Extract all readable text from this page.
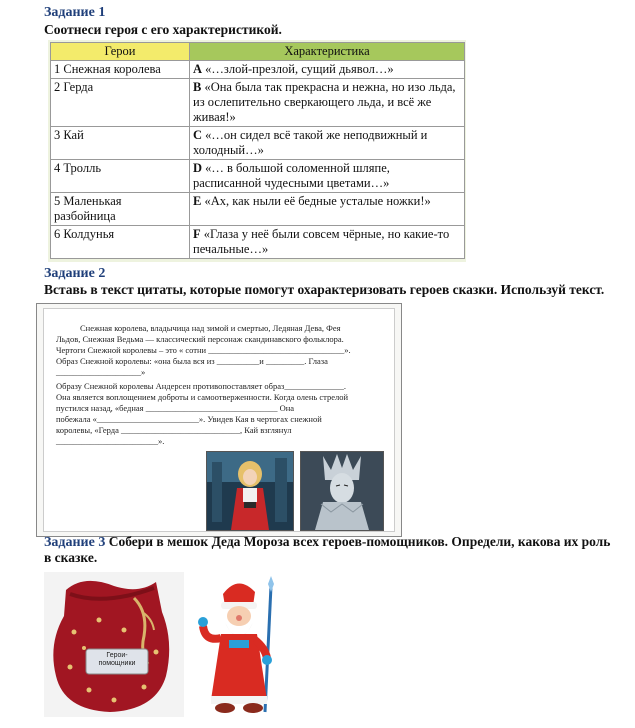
Задание 1
Соотнеси героя с его характеристикой.
Герои	Характеристика
1 Снежная королева	А «…злой-презлой, сущий дьявол…»
2 Герда	В «Она была так прекрасна и нежна, но изо льда, из ослепительно сверкающего льда, и всё же живая!»
3 Кай	С «…он сидел всё такой же неподвижный и холодный…»
4 Тролль	D «… в большой соломенной шляпе, расписанной чудесными цветами…»
5 Маленькая разбойница	E «Ах, как ныли её бедные усталые ножки!»
6 Колдунья	F «Глаза у неё были совсем чёрные, но какие-то печальные…»
Задание 2
Вставь в текст цитаты, которые помогут охарактеризовать героев сказки. Используй текст.
Снежная королева, владычица над зимой и смертью, Ледяная Дева, Фея
Льдов, Снежная Ведьма — классический персонаж скандинавского фольклора.
Чертоги Снежной королевы – это « сотни ________________________________».
Образ Снежной королевы: «она была вся из __________и _________. Глаза
____________________»
Образу Снежной королевы Андерсен противопоставляет образ______________.
Она является воплощением доброты и самоотверженности. Когда олень стрелой
пустился назад, «бедная _______________________________ Она
побежала «________________________». Увидев Кая в чертогах снежной
королевы, «Герда ____________________________, Кай взглянул
________________________».
Задание 3 Собери в мешок Деда Мороза всех героев-помощников. Определи, какова их роль в сказке.
Герои-помощники
